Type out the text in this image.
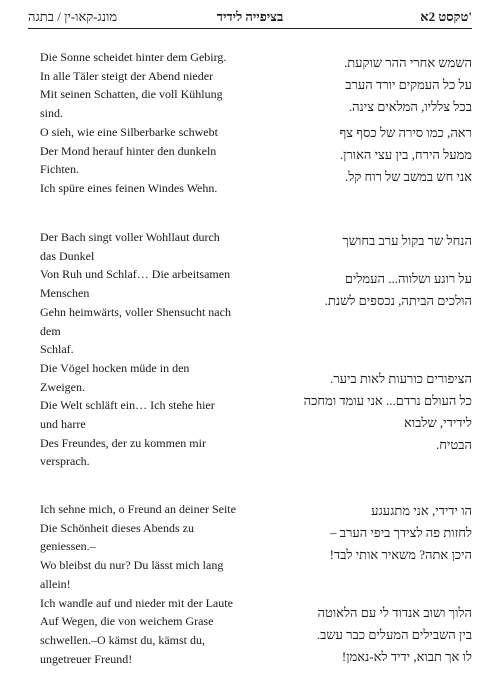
טקסט 2א'
בציפייה לידיד
מונג-קאו-ין / בתגה
Die Sonne scheidet hinter dem Gebirg.
In alle Täler steigt der Abend nieder
Mit seinen Schatten, die voll Kühlung
sind.
O sieh, wie eine Silberbarke schwebt
Der Mond herauf hinter den dunkeln
Fichten.
Ich spüre eines feinen Windes Wehn.
Der Bach singt voller Wohllaut durch
das Dunkel
Von Ruh und Schlaf… Die arbeitsamen
Menschen
Gehn heimwärts, voller Shensucht nach
dem
Schlaf.
Die Vögel hocken müde in den
Zweigen.
Die Welt schläft ein… Ich stehe hier
und harre
Des Freundes, der zu kommen mir
versprach.
Ich sehne mich, o Freund an deiner Seite
Die Schönheit dieses Abends zu
geniessen.–
Wo bleibst du nur? Du lässt mich lang
allein!
Ich wandle auf und nieder mit der Laute
Auf Wegen, die von weichem Grase
schwellen.–O kämst du, kämst du,
ungetreuer Freund!
השמש אחרי ההר שוקעת.
על כל העמקים יורד הערב
בכל צלליו, המלאים צינה.
ראה, כמו סירה של כסף צף
ממעל הירח, בין עצי האורן.
אני חש במשב של רוח קל.
הנחל שר בקול ערב בחושך
על רוגע ושלווה... העמלים
הולכים הביתה, נכספים לשנת.
הציפורים כורעות לאות ביער.
כל העולם נרדם... אני עומד ומחכה
לידידי, שלבוא
הבטיח.
הו ידידי, אני מתגעגע
לחזות פה לצידך ביפי הערב –
היכן אתה? משאיר אותי לבד!
הלוך ושוב אנדוד לי עם הלאוטה
בין השבילים המעלים כבר עשב.
לו אך תבוא, ידיד לא-נאמן!
